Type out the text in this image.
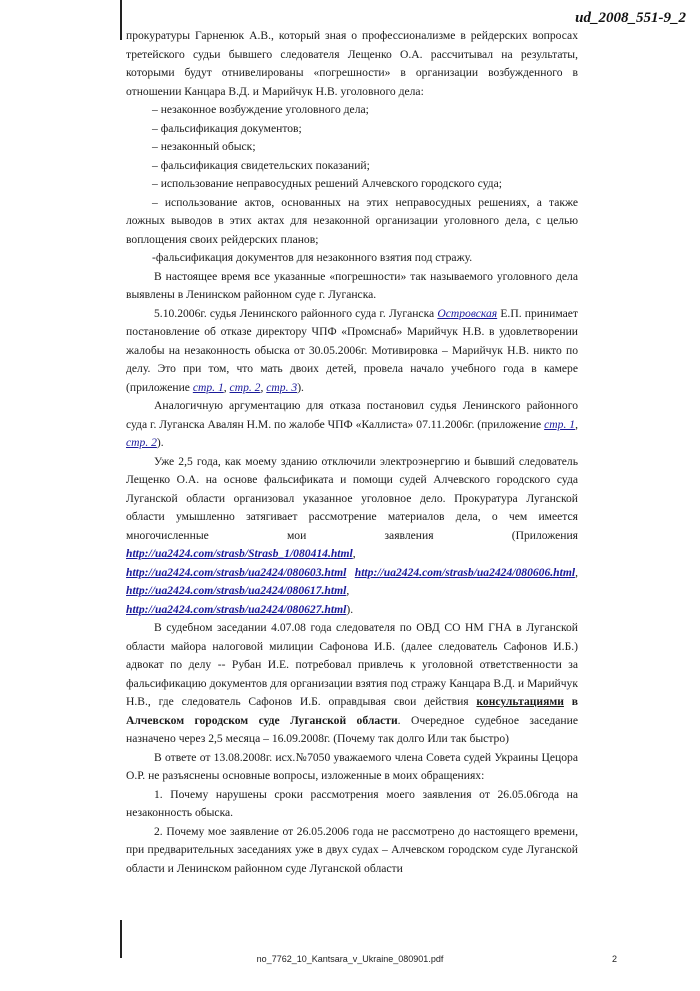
ud_2008_551-9_2

прокуратуры Гарненюк А.В., который зная о профессионализме в рейдерских вопросах третейского судьи бывшего следователя Лещенко О.А. рассчитывал на результаты, которыми будут отнивелированы «погрешности» в организации возбужденного в отношении Канцара В.Д. и Марийчук Н.В. уголовного дела:

– незаконное возбуждение уголовного дела;

– фальсификация документов;

– незаконный обыск;

– фальсификация свидетельских показаний;

– использование неправосудных решений Алчевского городского суда;

– использование актов, основанных на этих неправосудных решениях, а также ложных выводов в этих актах для незаконной организации уголовного дела, с целью воплощения своих рейдерских планов;

-фальсификация документов для незаконного взятия под стражу.

В настоящее время все указанные «погрешности» так называемого уголовного дела выявлены в Ленинском районном суде г. Луганска.

5.10.2006г. судья Ленинского районного суда г. Луганска Островская Е.П. принимает постановление об отказе директору ЧПФ «Промснаб» Марийчук Н.В. в удовлетворении жалобы на незаконность обыска от 30.05.2006г. Мотивировка – Марийчук Н.В. никто по делу. Это при том, что мать двоих детей, провела начало учебного года в камере (приложение стр. 1, стр. 2, стр. 3).

Аналогичную аргументацию для отказа постановил судья Ленинского районного суда г. Луганска Авалян Н.М. по жалобе ЧПФ «Каллиста» 07.11.2006г. (приложение стр. 1, стр. 2).

Уже 2,5 года, как моему зданию отключили электроэнергию и бывший следователь Лещенко О.А. на основе фальсификата и помощи судей Алчевского городского суда Луганской области организовал указанное уголовное дело. Прокуратура Луганской области умышленно затягивает рассмотрение материалов дела, о чем имеется многочисленные мои заявления (Приложения http://ua2424.com/strasb/Strasb_1/080414.html, http://ua2424.com/strasb/ua2424/080603.html http://ua2424.com/strasb/ua2424/080606.html, http://ua2424.com/strasb/ua2424/080617.html, http://ua2424.com/strasb/ua2424/080627.html).

В судебном заседании 4.07.08 года следователя по ОВД СО НМ ГНА в Луганской области майора налоговой милиции Сафонова И.Б. (далее следователь Сафонов И.Б.) адвокат по делу -- Рубан И.Е. потребовал привлечь к уголовной ответственности за фальсификацию документов для организации взятия под стражу Канцара В.Д. и Марийчук Н.В., где следователь Сафонов И.Б. оправдывая свои действия консультациями в Алчевском городском суде Луганской области. Очередное судебное заседание назначено через 2,5 месяца – 16.09.2008г. (Почему так долго Или так быстро)

В ответе от 13.08.2008г. исх.№7050 уважаемого члена Совета судей Украины Цецора О.Р. не разъяснены основные вопросы, изложенные в моих обращениях:

1. Почему нарушены сроки рассмотрения моего заявления от 26.05.06года на незаконность обыска.

2. Почему мое заявление от 26.05.2006 года не рассмотрено до настоящего времени, при предварительных заседаниях уже в двух судах – Алчевском городском суде Луганской области и Ленинском районном суде Луганской области

no_7762_10_Kantsara_v_Ukraine_080901.pdf	2
